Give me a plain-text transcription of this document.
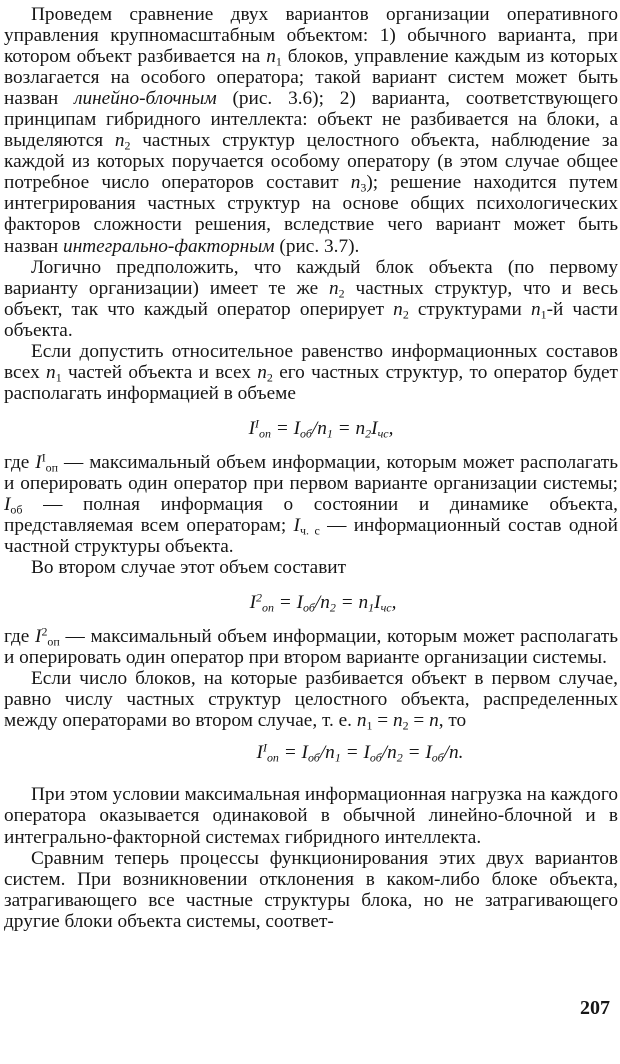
Проведем сравнение двух вариантов организации оперативного управления крупномасштабным объектом: 1) обычного варианта, при котором объект разбивается на $n_1$ блоков, управление каждым из которых возлагается на особого оператора; такой вариант систем может быть назван линейно-блочным (рис. 3.6); 2) варианта, соответствующего принципам гибридного интеллекта: объект не разбивается на блоки, а выделяются $n_2$ частных структур целостного объекта, наблюдение за каждой из которых поручается особому оператору (в этом случае общее потребное число операторов составит $n_3$); решение находится путем интегрирования частных структур на основе общих психологических факторов сложности решения, вследствие чего вариант может быть назван интегрально-факторным (рис. 3.7).

Логично предположить, что каждый блок объекта (по первому варианту организации) имеет те же $n_2$ частных структур, что и весь объект, так что каждый оператор оперирует $n_2$ структурами $n_1-й$ части объекта.

Если допустить относительное равенство информационных составов всех $n_1$ частей объекта и всех $n_2$ его частных структур, то оператор будет располагать информацией в объеме

$I^I_{оп} = I_{об}/n_1 = n_2I_{чс}$,

где $I^I_{оп}$ — максимальный объем информации, которым может располагать и оперировать один оператор при первом варианте организации системы; $I_{об}$ — полная информация о состоянии и динамике объекта, представляемая всем операторам; $I_{ч. с}$ — информационный состав одной частной структуры объекта.

Во втором случае этот объем составит

$I^2_{оп} = I_{об}/n_2 = n_1I_{чс}$,

где $I^2_{оп}$ — максимальный объем информации, которым может располагать и оперировать один оператор при втором варианте организации системы.

Если число блоков, на которые разбивается объект в первом случае, равно числу частных структур целостного объекта, распределенных между операторами во втором случае, т. е. $n_1 = n_2 = n$, то

$I^I_{оп} = I_{об}/n_1 = I_{об}/n_2 = I_{об}/n$.

При этом условии максимальная информационная нагрузка на каждого оператора оказывается одинаковой в обычной линейно-блочной и в интегрально-факторной системах гибридного интеллекта.

Сравним теперь процессы функционирования этих двух вариантов систем. При возникновении отклонения в каком-либо блоке объекта, затрагивающего все частные структуры блока, но не затрагивающего другие блоки объекта системы, соответ-

207
